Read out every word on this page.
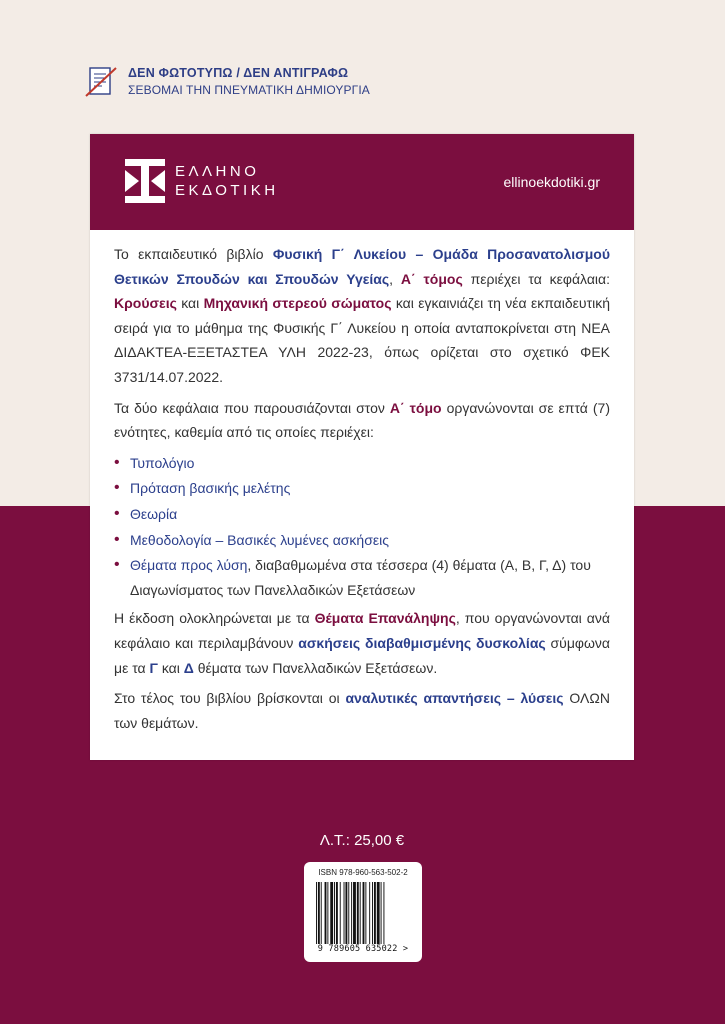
ΔΕΝ ΦΩΤΟΤΥΠΩ / ΔΕΝ ΑΝΤΙΓΡΑΦΩ
ΣΕΒΟΜΑΙ ΤΗΝ ΠΝΕΥΜΑΤΙΚΗ ΔΗΜΙΟΥΡΓΙΑ
ΕΛΛΗΝΟ
ΕΚΔΟΤΙΚΗ	ellinoekdotiki.gr

Το εκπαιδευτικό βιβλίο Φυσική Γ΄ Λυκείου – Ομάδα Προσανατολισμού Θετικών Σπουδών και Σπουδών Υγείας, Α΄ τόμος περιέχει τα κεφάλαια: Κρούσεις και Μηχανική στερεού σώματος και εγκαινιάζει τη νέα εκπαιδευτική σειρά για το μάθημα της Φυσικής Γ΄ Λυκείου η οποία ανταποκρίνεται στη ΝΕΑ ΔΙΔΑΚΤΕΑ-ΕΞΕΤΑΣΤΕΑ ΥΛΗ 2022-23, όπως ορίζεται στο σχετικό ΦΕΚ 3731/14.07.2022.

Τα δύο κεφάλαια που παρουσιάζονται στον Α΄ τόμο οργανώνονται σε επτά (7) ενότητες, καθεμία από τις οποίες περιέχει:

• Τυπολόγιο
• Πρόταση βασικής μελέτης
• Θεωρία
• Μεθοδολογία – Βασικές λυμένες ασκήσεις
• Θέματα προς λύση, διαβαθμωμένα στα τέσσερα (4) θέματα (Α, Β, Γ, Δ) του Διαγωνίσματος των Πανελλαδικών Εξετάσεων

Η έκδοση ολοκληρώνεται με τα Θέματα Επανάληψης, που οργανώνονται ανά κεφάλαιο και περιλαμβάνουν ασκήσεις διαβαθμισμένης δυσκολίας σύμφωνα με τα Γ και Δ θέματα των Πανελλαδικών Εξετάσεων.

Στο τέλος του βιβλίου βρίσκονται οι αναλυτικές απαντήσεις – λύσεις ΟΛΩΝ των θεμάτων.

Λ.Τ.: 25,00 €
ISBN 978-960-563-502-2
9 789605 635022 >
